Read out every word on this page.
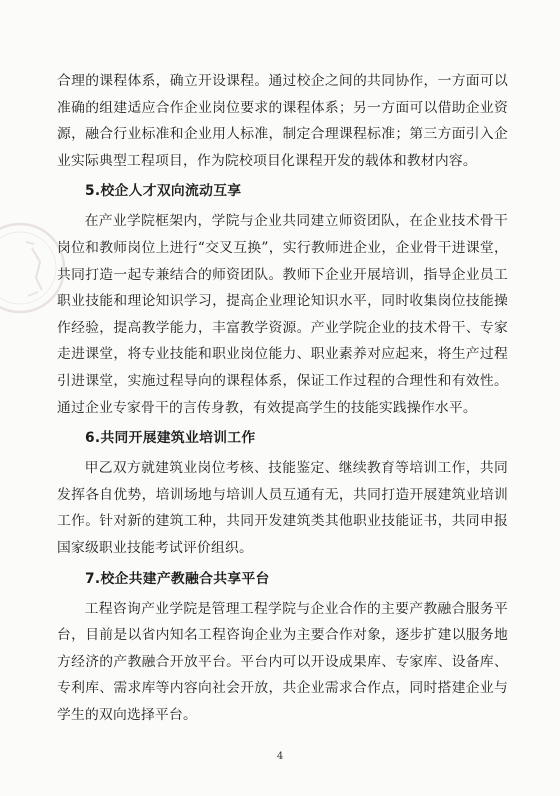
合理的课程体系，确立开设课程。通过校企之间的共同协作，一方面可以准确的组建适应合作企业岗位要求的课程体系；另一方面可以借助企业资源，融合行业标准和企业用人标准，制定合理课程标准；第三方面引入企业实际典型工程项目，作为院校项目化课程开发的载体和教材内容。

5.校企人才双向流动互享

在产业学院框架内，学院与企业共同建立师资团队，在企业技术骨干岗位和教师岗位上进行“交叉互换”，实行教师进企业，企业骨干进课堂，共同打造一起专兼结合的师资团队。教师下企业开展培训，指导企业员工职业技能和理论知识学习，提高企业理论知识水平，同时收集岗位技能操作经验，提高教学能力，丰富教学资源。产业学院企业的技术骨干、专家走进课堂，将专业技能和职业岗位能力、职业素养对应起来，将生产过程引进课堂，实施过程导向的课程体系，保证工作过程的合理性和有效性。通过企业专家骨干的言传身教，有效提高学生的技能实践操作水平。

6.共同开展建筑业培训工作

甲乙双方就建筑业岗位考核、技能鉴定、继续教育等培训工作，共同发挥各自优势，培训场地与培训人员互通有无，共同打造开展建筑业培训工作。针对新的建筑工种，共同开发建筑类其他职业技能证书，共同申报国家级职业技能考试评价组织。

7.校企共建产教融合共享平台

工程咨询产业学院是管理工程学院与企业合作的主要产教融合服务平台，目前是以省内知名工程咨询企业为主要合作对象，逐步扩建以服务地方经济的产教融合开放平台。平台内可以开设成果库、专家库、设备库、专利库、需求库等内容向社会开放，共企业需求合作点，同时搭建企业与学生的双向选择平台。

4
